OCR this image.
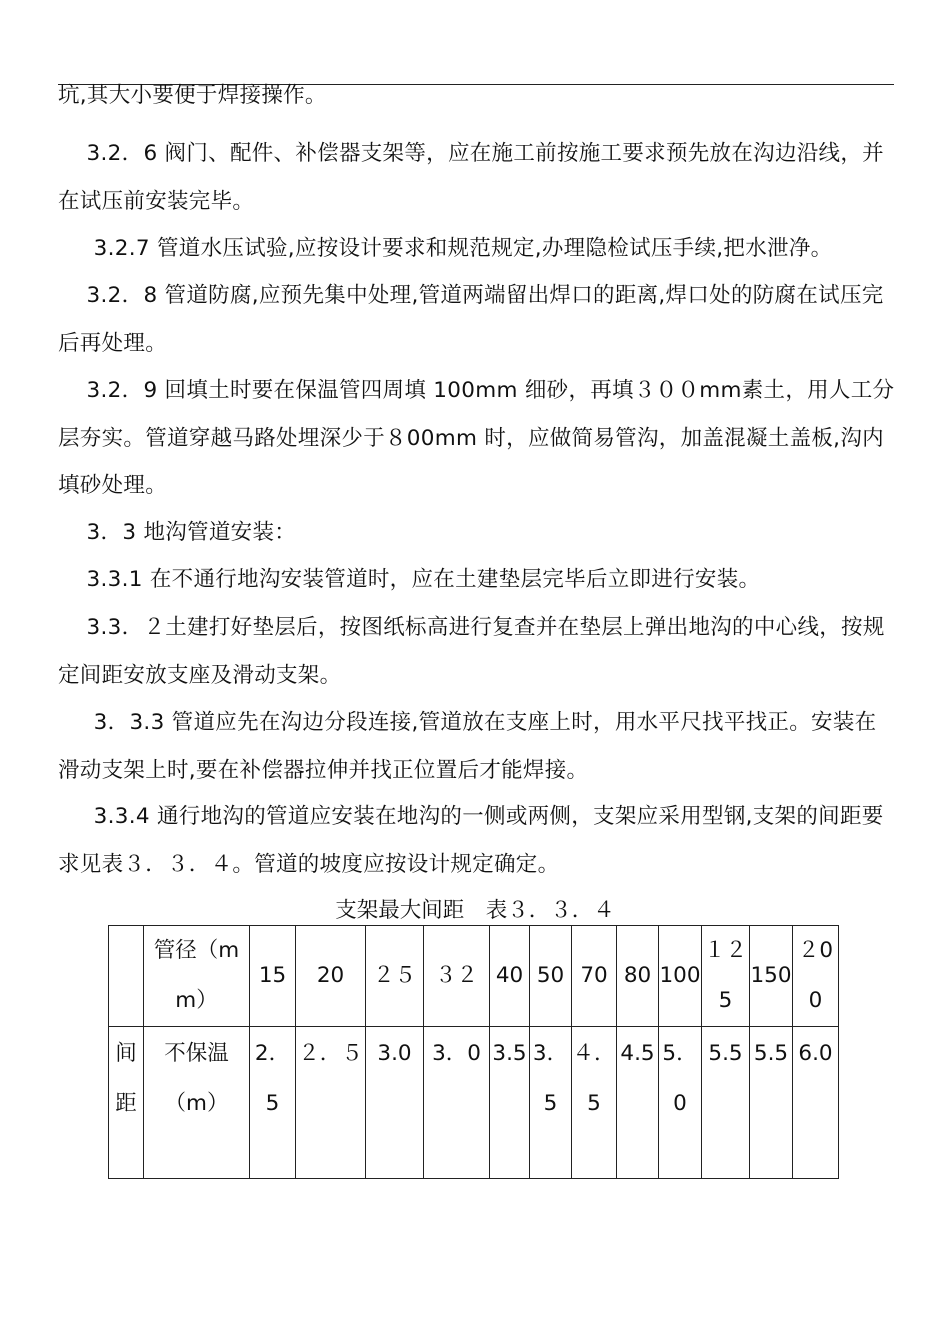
坑,其大小要便于焊接操作。
3.2．6 阀门、配件、补偿器支架等，应在施工前按施工要求预先放在沟边沿线，并在试压前安装完毕。
3.2.7 管道水压试验,应按设计要求和规范规定,办理隐检试压手续,把水泄净。
3.2．8 管道防腐,应预先集中处理,管道两端留出焊口的距离,焊口处的防腐在试压完后再处理。
3.2．9 回填土时要在保温管四周填 100mm 细砂，再填３００mm素土，用人工分层夯实。管道穿越马路处埋深少于８00mm 时，应做简易管沟，加盖混凝土盖板,沟内填砂处理。
3．3 地沟管道安装：
3.3.1 在不通行地沟安装管道时，应在土建垫层完毕后立即进行安装。
3.3．２土建打好垫层后，按图纸标高进行复查并在垫层上弹出地沟的中心线，按规定间距安放支座及滑动支架。
3．3.3 管道应先在沟边分段连接,管道放在支座上时，用水平尺找平找正。安装在滑动支架上时,要在补偿器拉伸并找正位置后才能焊接。
3.3.4 通行地沟的管道应安装在地沟的一侧或两侧，支架应采用型钢,支架的间距要求见表３．３．４。管道的坡度应按设计规定确定。
支架最大间距　表３．３．４
	管径（mm）	15	20	２５	３２	40	50	70	80	100	１２5	150	２00
间距	不保温（m）	2．5	２．５	3.0	3．0	3.5	3．5	４．5	4.5	5．0	5.5	5.5	6.0
